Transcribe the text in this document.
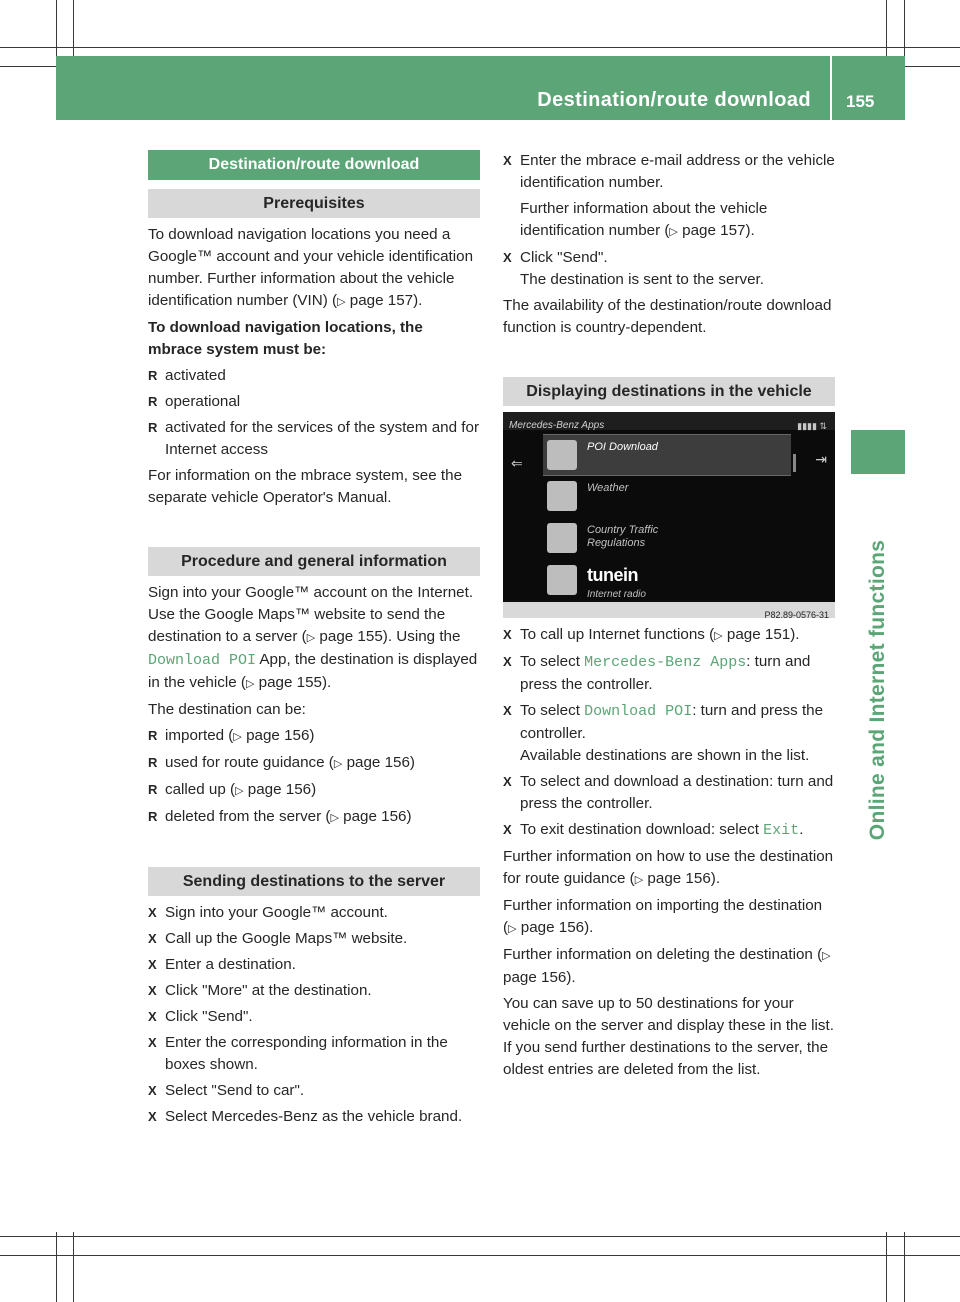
Destination/route download 155
Online and Internet functions
Destination/route download
Prerequisites

To download navigation locations you need a Google™ account and your vehicle identification number. Further information about the vehicle identification number (VIN) (▷ page 157).

To download navigation locations, the mbrace system must be:

R activated
R operational
R activated for the services of the system and for Internet access

For information on the mbrace system, see the separate vehicle Operator's Manual.

Procedure and general information

Sign into your Google™ account on the Internet. Use the Google Maps™ website to send the destination to a server (▷ page 155). Using the Download POI App, the destination is displayed in the vehicle (▷ page 155).

The destination can be:

R imported (▷ page 156)
R used for route guidance (▷ page 156)
R called up (▷ page 156)
R deleted from the server (▷ page 156)
Sending destinations to the server
X Sign into your Google™ account.
X Call up the Google Maps™ website.
X Enter a destination.
X Click "More" at the destination.
X Click "Send".
X Enter the corresponding information in the boxes shown.
X Select "Send to car".
X Select Mercedes-Benz as the vehicle brand.
X Enter the mbrace e-mail address or the vehicle identification number.

Further information about the vehicle identification number (▷ page 157).

X Click "Send".
The destination is sent to the server.

The availability of the destination/route download function is country-dependent.

Displaying destinations in the vehicle
Mercedes-Benz Apps	▮▮▮▮ ⇅
⇐	⇥
POI Download
Weather
Country Traffic Regulations
tunein
Internet radio
P82.89-0576-31
X To call up Internet functions (▷ page 151).
X To select Mercedes-Benz Apps: turn and press the controller.
X To select Download POI: turn and press the controller.
Available destinations are shown in the list.
X To select and download a destination: turn and press the controller.
X To exit destination download: select Exit.

Further information on how to use the destination for route guidance (▷ page 156).

Further information on importing the destination (▷ page 156).

Further information on deleting the destination (▷ page 156).

You can save up to 50 destinations for your vehicle on the server and display these in the list. If you send further destinations to the server, the oldest entries are deleted from the list.
